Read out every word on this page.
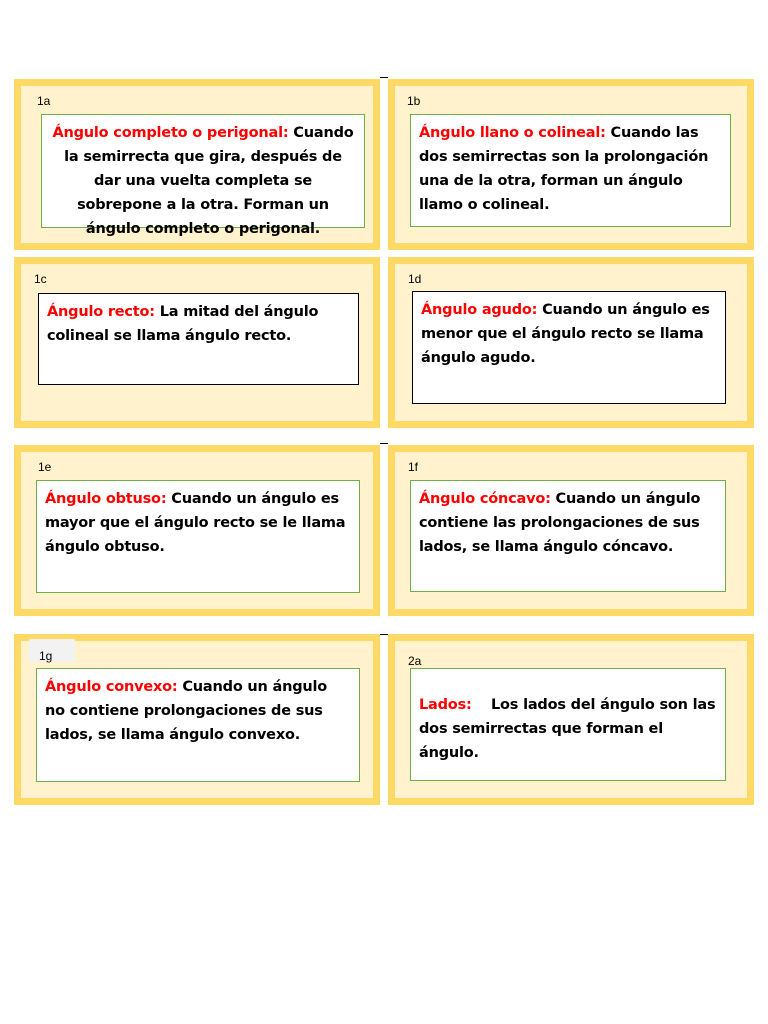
1a
Ángulo completo o perigonal: Cuando la semirrecta que gira, después de dar una vuelta completa se sobrepone a la otra. Forman un ángulo completo o perigonal.
1b
Ángulo llano o colineal: Cuando las dos semirrectas son la prolongación una de la otra, forman un ángulo llamo o colineal.
1c
Ángulo recto: La mitad del ángulo colineal se llama ángulo recto.
1d
Ángulo agudo: Cuando un ángulo es menor que el ángulo recto se llama ángulo agudo.
1e
Ángulo obtuso: Cuando un ángulo es mayor que el ángulo recto se le llama ángulo obtuso.
1f
Ángulo cóncavo: Cuando un ángulo contiene las prolongaciones de sus lados, se llama ángulo cóncavo.
1g
Ángulo convexo: Cuando un ángulo no contiene prolongaciones de sus lados, se llama ángulo convexo.
2a
Lados:    Los lados del ángulo son las dos semirrectas que forman el ángulo.
